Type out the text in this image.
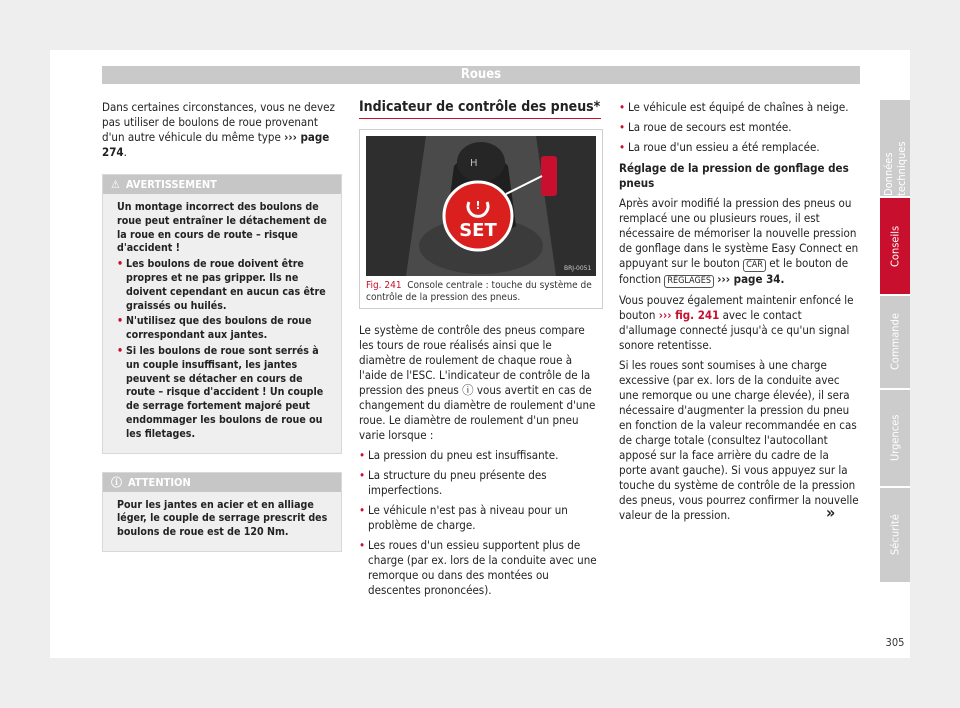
Roues

Dans certaines circonstances, vous ne devez pas utiliser de boulons de roue provenant d'un autre véhicule du même type ››› page 274.

⚠ AVERTISSEMENT

Un montage incorrect des boulons de roue peut entraîner le détachement de la roue en cours de route – risque d'accident !

• Les boulons de roue doivent être propres et ne pas gripper. Ils ne doivent cependant en aucun cas être graissés ou huilés.

• N'utilisez que des boulons de roue correspondant aux jantes.

• Si les boulons de roue sont serrés à un couple insuffisant, les jantes peuvent se détacher en cours de route – risque d'accident ! Un couple de serrage fortement majoré peut endommager les boulons de roue ou les filetages.

ⓘ ATTENTION

Pour les jantes en acier et en alliage léger, le couple de serrage prescrit des boulons de roue est de 120 Nm.

Indicateur de contrôle des pneus*
H
!
SET
BRJ-0051
Fig. 241 Console centrale : touche du système de contrôle de la pression des pneus.

Le système de contrôle des pneus compare les tours de roue réalisés ainsi que le diamètre de roulement de chaque roue à l'aide de l'ESC. L'indicateur de contrôle de la pression des pneus ⓘ vous avertit en cas de changement du diamètre de roulement d'une roue. Le diamètre de roulement d'un pneu varie lorsque :

• La pression du pneu est insuffisante.

• La structure du pneu présente des imperfections.

• Le véhicule n'est pas à niveau pour un problème de charge.

• Les roues d'un essieu supportent plus de charge (par ex. lors de la conduite avec une remorque ou dans des montées ou descentes prononcées).

• Le véhicule est équipé de chaînes à neige.

• La roue de secours est montée.

• La roue d'un essieu a été remplacée.

Réglage de la pression de gonflage des pneus

Après avoir modifié la pression des pneus ou remplacé une ou plusieurs roues, il est nécessaire de mémoriser la nouvelle pression de gonflage dans le système Easy Connect en appuyant sur le bouton CAR et le bouton de fonction RÉGLAGES ››› page 34.

Vous pouvez également maintenir enfoncé le bouton ››› fig. 241 avec le contact d'allumage connecté jusqu'à ce qu'un signal sonore retentisse.

Si les roues sont soumises à une charge excessive (par ex. lors de la conduite avec une remorque ou une charge élevée), il sera nécessaire d'augmenter la pression du pneu en fonction de la valeur recommandée en cas de charge totale (consultez l'autocollant apposé sur la face arrière du cadre de la porte avant gauche). Si vous appuyez sur la touche du système de contrôle de la pression des pneus, vous pourrez confirmer la nouvelle valeur de la pression.	»
Données techniques
Conseils
Commande
Urgences
Sécurité
305
